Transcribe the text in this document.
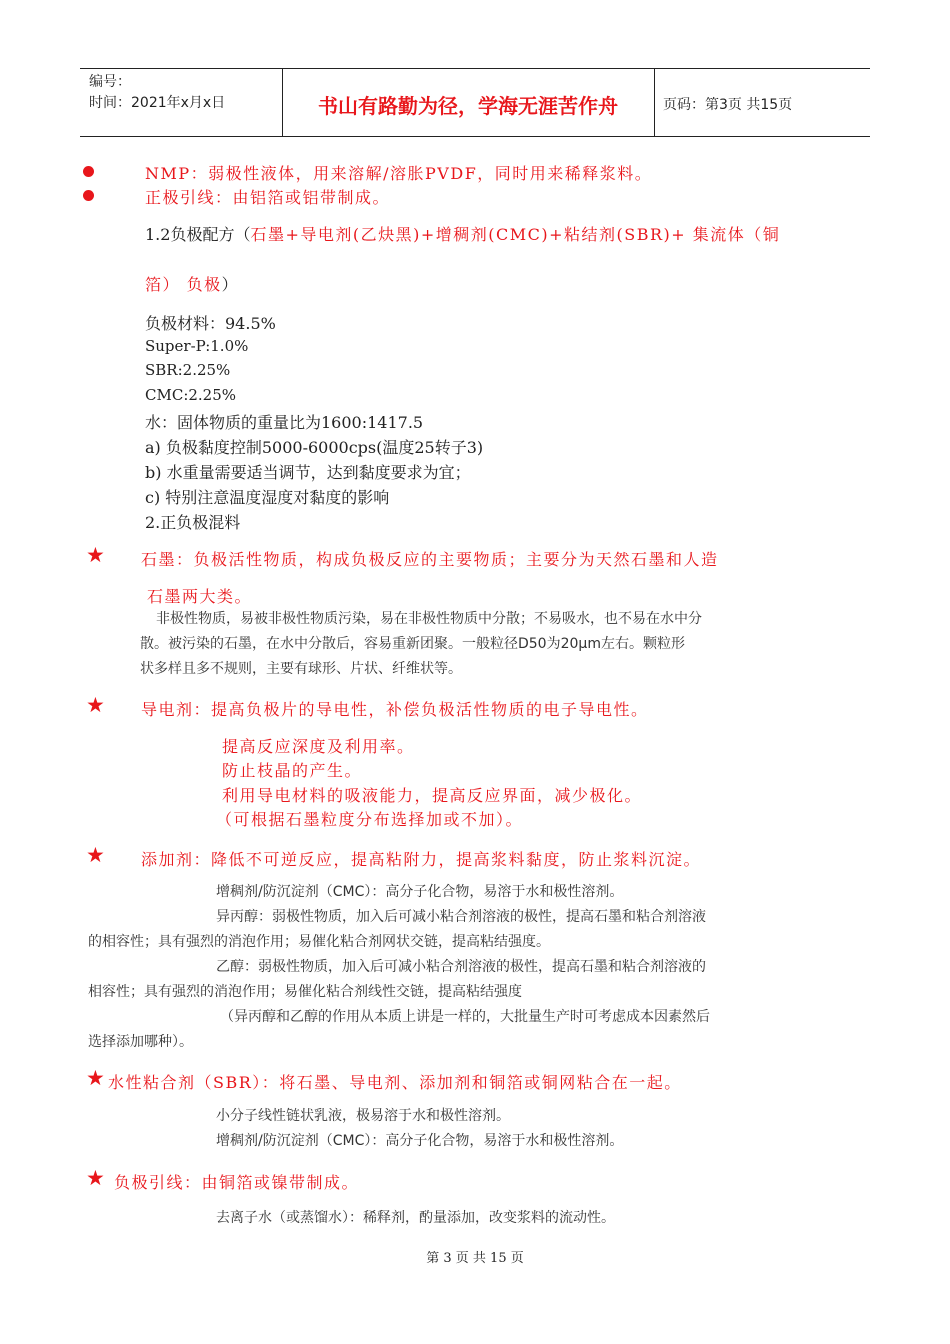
编号：
时间：2021年x月x日	书山有路勤为径，学海无涯苦作舟	页码：第3页 共15页
NMP：弱极性液体，用来溶解/溶胀PVDF，同时用来稀释浆料。
正极引线：由铝箔或铝带制成。
1.2负极配方（石墨+导电剂(乙炔黑)+增稠剂(CMC)+粘结剂(SBR)+ 集流体（铜
箔） 负极）
负极材料：94.5%
Super-P:1.0%
SBR:2.25%
CMC:2.25%
水：固体物质的重量比为1600:1417.5
a) 负极黏度控制5000-6000cps(温度25转子3)
b) 水重量需要适当调节，达到黏度要求为宜；
c) 特别注意温度湿度对黏度的影响
2.正负极混料
★ 石墨：负极活性物质，构成负极反应的主要物质；主要分为天然石墨和人造
石墨两大类。
非极性物质，易被非极性物质污染，易在非极性物质中分散；不易吸水，也不易在水中分
散。被污染的石墨，在水中分散后，容易重新团聚。一般粒径D50为20μm左右。颗粒形
状多样且多不规则，主要有球形、片状、纤维状等。
★ 导电剂：提高负极片的导电性，补偿负极活性物质的电子导电性。
提高反应深度及利用率。
防止枝晶的产生。
利用导电材料的吸液能力，提高反应界面，减少极化。
（可根据石墨粒度分布选择加或不加）。
★ 添加剂：降低不可逆反应，提高粘附力，提高浆料黏度，防止浆料沉淀。
增稠剂/防沉淀剂（CMC）：高分子化合物，易溶于水和极性溶剂。
异丙醇：弱极性物质，加入后可减小粘合剂溶液的极性，提高石墨和粘合剂溶液
的相容性；具有强烈的消泡作用；易催化粘合剂网状交链，提高粘结强度。
乙醇：弱极性物质，加入后可减小粘合剂溶液的极性，提高石墨和粘合剂溶液的
相容性；具有强烈的消泡作用；易催化粘合剂线性交链，提高粘结强度
（异丙醇和乙醇的作用从本质上讲是一样的，大批量生产时可考虑成本因素然后
选择添加哪种）。
★ 水性粘合剂（SBR）：将石墨、导电剂、添加剂和铜箔或铜网粘合在一起。
小分子线性链状乳液，极易溶于水和极性溶剂。
增稠剂/防沉淀剂（CMC）：高分子化合物，易溶于水和极性溶剂。
★ 负极引线：由铜箔或镍带制成。
去离子水（或蒸馏水）：稀释剂，酌量添加，改变浆料的流动性。
第 3 页 共 15 页
